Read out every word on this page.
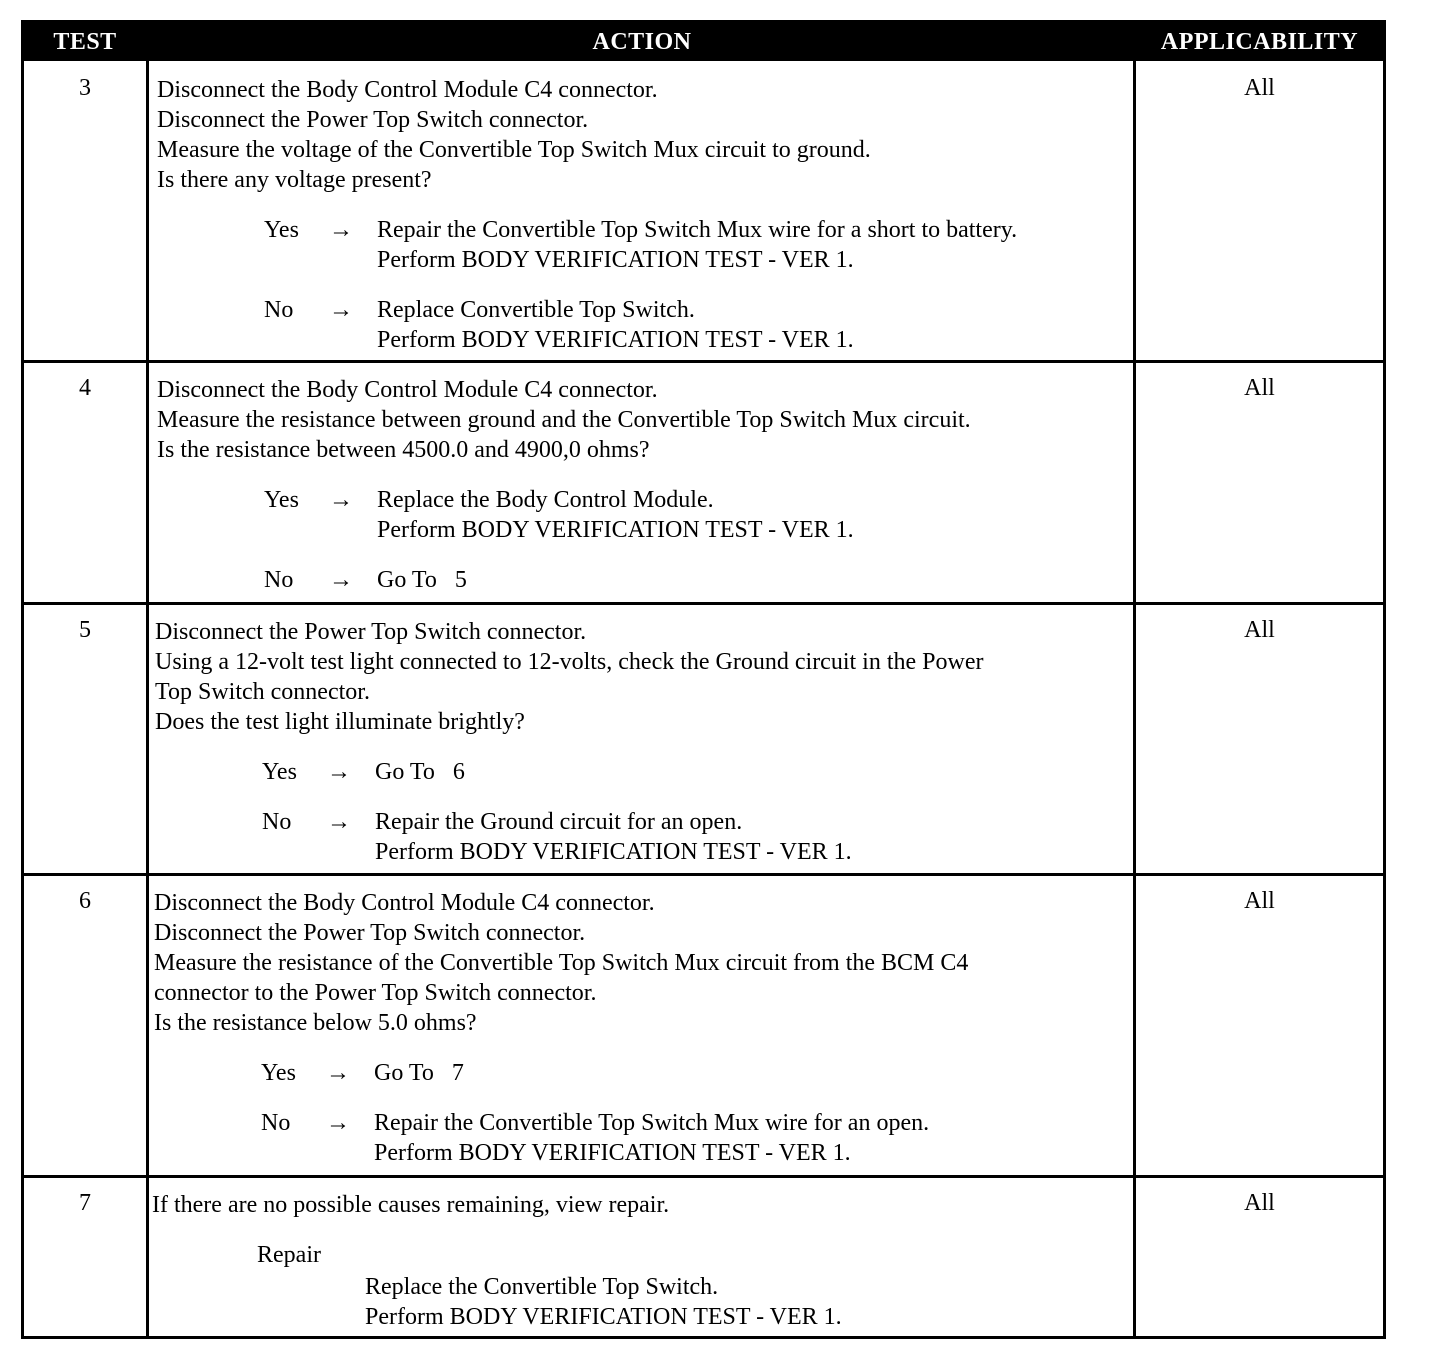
TEST	ACTION	APPLICABILITY
3	Disconnect the Body Control Module C4 connector.

Disconnect the Power Top Switch connector.

Measure the voltage of the Convertible Top Switch Mux circuit to ground.

Is there any voltage present?

Yes → Repair the Convertible Top Switch Mux wire for a short to battery.

Perform BODY VERIFICATION TEST - VER 1.

No → Replace Convertible Top Switch.

Perform BODY VERIFICATION TEST - VER 1.

All
4	Disconnect the Body Control Module C4 connector.

Measure the resistance between ground and the Convertible Top Switch Mux circuit.

Is the resistance between 4500.0 and 4900,0 ohms?

Yes → Replace the Body Control Module.

Perform BODY VERIFICATION TEST - VER 1.

No → Go To   5

All
5	Disconnect the Power Top Switch connector.

Using a 12-volt test light connected to 12-volts, check the Ground circuit in the Power

Top Switch connector.

Does the test light illuminate brightly?

Yes → Go To   6

No → Repair the Ground circuit for an open.

Perform BODY VERIFICATION TEST - VER 1.

All
6	Disconnect the Body Control Module C4 connector.

Disconnect the Power Top Switch connector.

Measure the resistance of the Convertible Top Switch Mux circuit from the BCM C4

connector to the Power Top Switch connector.

Is the resistance below 5.0 ohms?

Yes → Go To   7

No → Repair the Convertible Top Switch Mux wire for an open.

Perform BODY VERIFICATION TEST - VER 1.

All
7	If there are no possible causes remaining, view repair.

Repair

Replace the Convertible Top Switch.

Perform BODY VERIFICATION TEST - VER 1.

All
